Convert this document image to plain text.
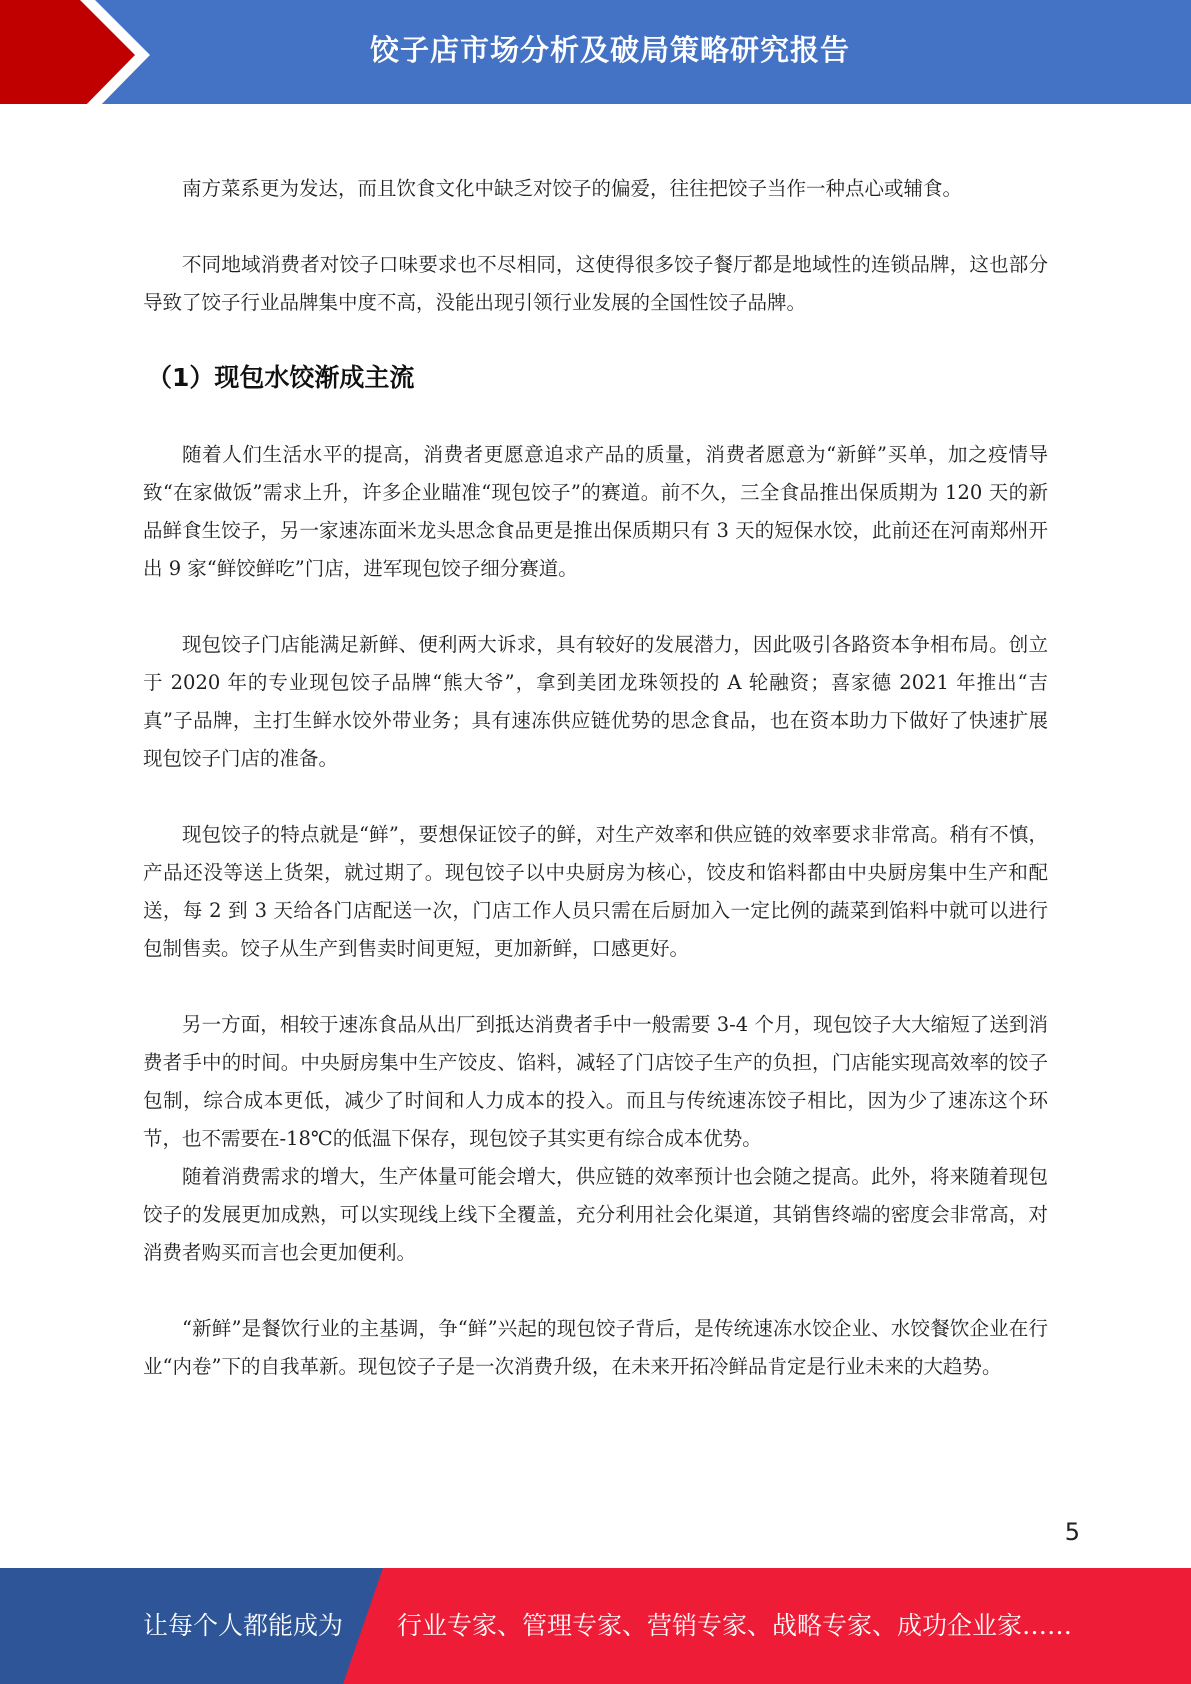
饺子店市场分析及破局策略研究报告

南方菜系更为发达，而且饮食文化中缺乏对饺子的偏爱，往往把饺子当作一种点心或辅食。

不同地域消费者对饺子口味要求也不尽相同，这使得很多饺子餐厅都是地域性的连锁品牌，这也部分导致了饺子行业品牌集中度不高，没能出现引领行业发展的全国性饺子品牌。

（1）现包水饺渐成主流

随着人们生活水平的提高，消费者更愿意追求产品的质量，消费者愿意为“新鲜”买单，加之疫情导致“在家做饭”需求上升，许多企业瞄准“现包饺子”的赛道。前不久，三全食品推出保质期为 120 天的新品鲜食生饺子，另一家速冻面米龙头思念食品更是推出保质期只有 3 天的短保水饺，此前还在河南郑州开出 9 家“鲜饺鲜吃”门店，进军现包饺子细分赛道。

现包饺子门店能满足新鲜、便利两大诉求，具有较好的发展潜力，因此吸引各路资本争相布局。创立于 2020 年的专业现包饺子品牌“熊大爷”，拿到美团龙珠领投的 A 轮融资；喜家德 2021 年推出“吉真”子品牌，主打生鲜水饺外带业务；具有速冻供应链优势的思念食品，也在资本助力下做好了快速扩展现包饺子门店的准备。

现包饺子的特点就是“鲜”，要想保证饺子的鲜，对生产效率和供应链的效率要求非常高。稍有不慎，产品还没等送上货架，就过期了。现包饺子以中央厨房为核心，饺皮和馅料都由中央厨房集中生产和配送，每 2 到 3 天给各门店配送一次，门店工作人员只需在后厨加入一定比例的蔬菜到馅料中就可以进行包制售卖。饺子从生产到售卖时间更短，更加新鲜，口感更好。

另一方面，相较于速冻食品从出厂到抵达消费者手中一般需要 3-4 个月，现包饺子大大缩短了送到消费者手中的时间。中央厨房集中生产饺皮、馅料，减轻了门店饺子生产的负担，门店能实现高效率的饺子包制，综合成本更低，减少了时间和人力成本的投入。而且与传统速冻饺子相比，因为少了速冻这个环节，也不需要在-18℃的低温下保存，现包饺子其实更有综合成本优势。

随着消费需求的增大，生产体量可能会增大，供应链的效率预计也会随之提高。此外，将来随着现包饺子的发展更加成熟，可以实现线上线下全覆盖，充分利用社会化渠道，其销售终端的密度会非常高，对消费者购买而言也会更加便利。

“新鲜”是餐饮行业的主基调，争“鲜”兴起的现包饺子背后，是传统速冻水饺企业、水饺餐饮企业在行业“内卷”下的自我革新。现包饺子子是一次消费升级，在未来开拓冷鲜品肯定是行业未来的大趋势。

5
让每个人都能成为 行业专家、管理专家、营销专家、战略专家、成功企业家……
